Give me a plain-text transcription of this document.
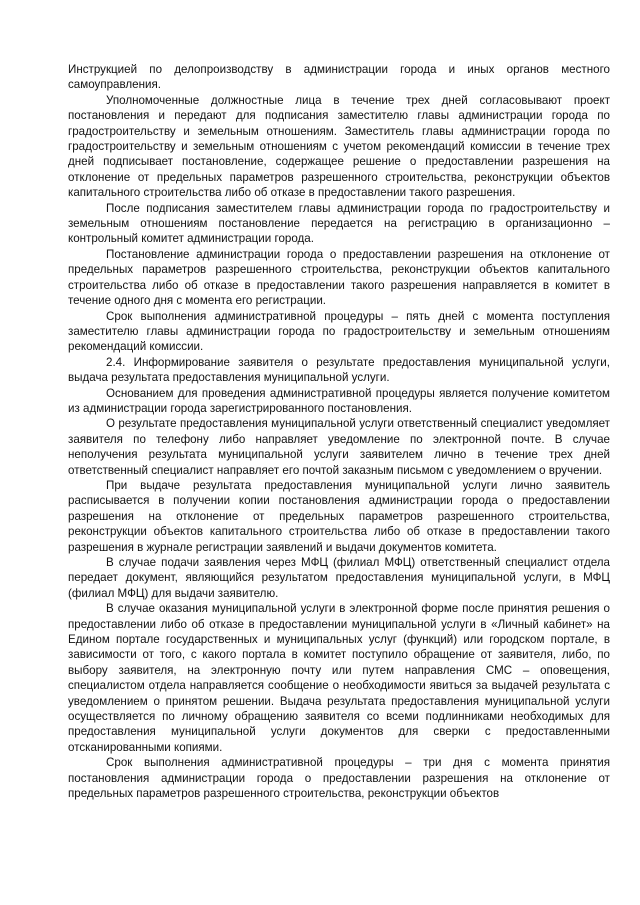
Инструкцией по делопроизводству в администрации города и иных органов местного самоуправления.

Уполномоченные должностные лица в течение трех дней согласовывают проект постановления и передают для подписания заместителю главы администрации города по градостроительству и земельным отношениям. Заместитель главы администрации города по градостроительству и земельным отношениям с учетом рекомендаций комиссии в течение трех дней подписывает постановление, содержащее решение о предоставлении разрешения на отклонение от предельных параметров разрешенного строительства, реконструкции объектов капитального строительства либо об отказе в предоставлении такого разрешения.

После подписания заместителем главы администрации города по градостроительству и земельным отношениям постановление передается на регистрацию в организационно – контрольный комитет администрации города.

Постановление администрации города о предоставлении разрешения на отклонение от предельных параметров разрешенного строительства, реконструкции объектов капитального строительства либо об отказе в предоставлении такого разрешения направляется в комитет в течение одного дня с момента его регистрации.

Срок выполнения административной процедуры – пять дней с момента поступления заместителю главы администрации города по градостроительству и земельным отношениям рекомендаций комиссии.

2.4. Информирование заявителя о результате предоставления муниципальной услуги, выдача результата предоставления муниципальной услуги.

Основанием для проведения административной процедуры является получение комитетом из администрации города зарегистрированного постановления.

О результате предоставления муниципальной услуги ответственный специалист уведомляет заявителя по телефону либо направляет уведомление по электронной почте. В случае неполучения результата муниципальной услуги заявителем лично в течение трех дней ответственный специалист направляет его почтой заказным письмом с уведомлением о вручении.

При выдаче результата предоставления муниципальной услуги лично заявитель расписывается в получении копии постановления администрации города о предоставлении разрешения на отклонение от предельных параметров разрешенного строительства, реконструкции объектов капитального строительства либо об отказе в предоставлении такого разрешения в журнале регистрации заявлений и выдачи документов комитета.

В случае подачи заявления через МФЦ (филиал МФЦ) ответственный специалист отдела передает документ, являющийся результатом предоставления муниципальной услуги, в МФЦ (филиал МФЦ) для выдачи заявителю.

В случае оказания муниципальной услуги в электронной форме после принятия решения о предоставлении либо об отказе в предоставлении муниципальной услуги в «Личный кабинет» на Едином портале государственных и муниципальных услуг (функций) или городском портале, в зависимости от того, с какого портала в комитет поступило обращение от заявителя, либо, по выбору заявителя, на электронную почту или путем направления СМС – оповещения, специалистом отдела направляется сообщение о необходимости явиться за выдачей результата с уведомлением о принятом решении. Выдача результата предоставления муниципальной услуги осуществляется по личному обращению заявителя со всеми подлинниками необходимых для предоставления муниципальной услуги документов для сверки с предоставленными отсканированными копиями.

Срок выполнения административной процедуры – три дня с момента принятия постановления администрации города о предоставлении разрешения на отклонение от предельных параметров разрешенного строительства, реконструкции объектов
